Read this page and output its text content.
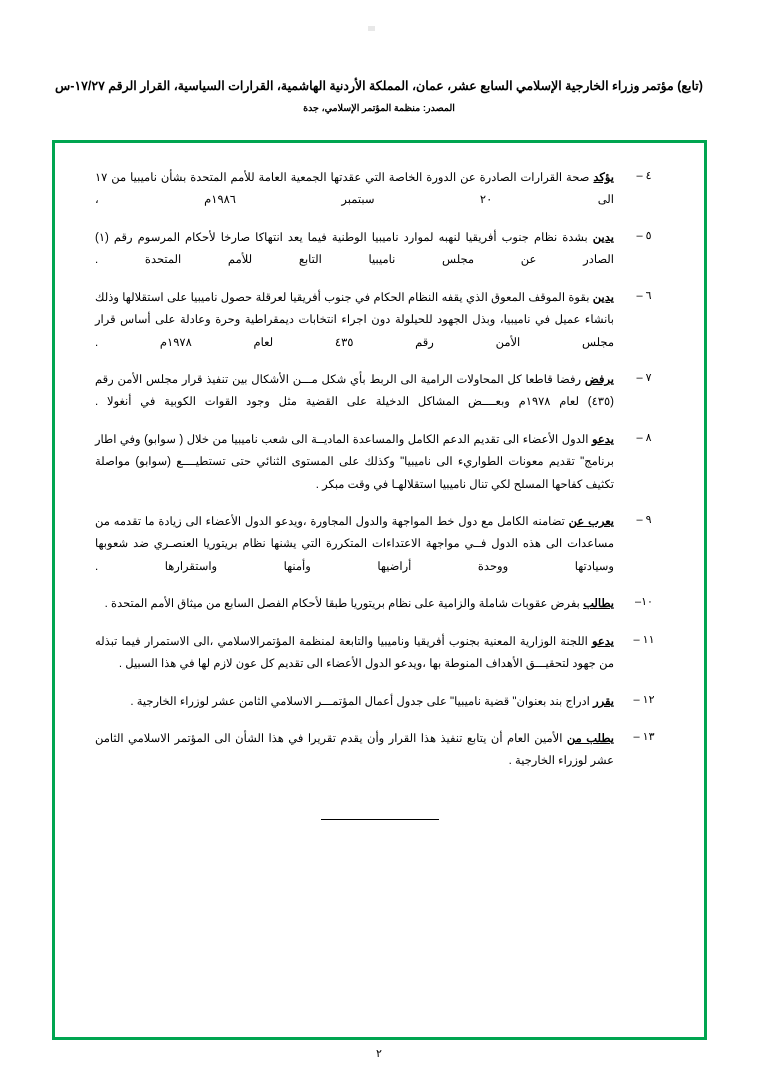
(تابع) مؤتمر وزراء الخارجية الإسلامي السابع عشر، عمان، المملكة الأردنية الهاشمية، القرارات السياسية، القرار الرقم ١٧/٢٧-س
المصدر: منظمة المؤتمر الإسلامي، جدة
٤ –
يؤكد صحة القرارات الصادرة عن الدورة الخاصة التي عقدتها الجمعية العامة للأمم المتحدة بشأن ناميبيا من ١٧ الى ٢٠ سبتمبر ١٩٨٦م ،
٥ –
يدين بشدة نظام جنوب أفريقيا لنهبه لموارد ناميبيا الوطنية فيما يعد انتهاكا صارخا لأحكام المرسوم رقم (١) الصادر عن مجلس ناميبيا التابع للأمم المتحدة .
٦ –
يدين بقوة الموقف المعوق الذي يقفه النظام الحكام في جنوب أفريقيا لعرقلة حصول ناميبيا على استقلالها وذلك بانشاء عميل في ناميبيا، وبذل الجهود للحيلولة دون اجراء انتخابات ديمقراطية وحرة وعادلة على أساس قرار مجلس الأمن رقم ٤٣٥ لعام ١٩٧٨م .
٧ –
يرفض رفضا قاطعا كل المحاولات الرامية الى الربط بأي شكل مـــن الأشكال بين تنفيذ قرار مجلس الأمن رقم (٤٣٥) لعام ١٩٧٨م وبعــــض المشاكل الدخيلة على القضية مثل وجود القوات الكوبية في أنغولا .
٨ –
يدعو الدول الأعضاء الى تقديم الدعم الكامل والمساعدة الماديــة الى شعب ناميبيا من خلال ( سوابو) وفي اطار برنامج" تقديم معونات الطواريء الى ناميبيا" وكذلك على المستوى الثنائي حتى تستطيــــع (سوابو) مواصلة تكثيف كفاحها المسلح لكي تنال ناميبيا استقلالهـا في وقت مبكر .
٩ –
يعرب عن تضامنه الكامل مع دول خط المواجهة والدول المجاورة ،ويدعو الدول الأعضاء الى زيادة ما تقدمه من مساعدات الى هذه الدول فــي مواجهة الاعتداءات المتكررة التي يشنها نظام بريتوريا العنصـري ضد شعوبها وسيادتها ووحدة أراضيها وأمنها واستقرارها .
١٠–
يطالب بفرض عقوبات شاملة والزامية على نظام بريتوريا طبقا لأحكام الفصل السابع من ميثاق الأمم المتحدة .
١١ –
يدعو اللجنة الوزارية المعنية بجنوب أفريقيا وناميبيا والتابعة لمنظمة المؤتمرالاسلامي ،الى الاستمرار فيما تبذله من جهود لتحقيـــق الأهداف المنوطة بها ،ويدعو الدول الأعضاء الى تقديم كل عون لازم لها في هذا السبيل .
١٢ –
يقرر ادراج بند بعنوان" قضية ناميبيا" على جدول أعمال المؤتمـــر الاسلامي الثامن عشر لوزراء الخارجية .
١٣ –
يطلب من الأمين العام أن يتابع تنفيذ هذا القرار وأن يقدم تقريرا في هذا الشأن الى المؤتمر الاسلامي الثامن عشر لوزراء الخارجية .
٢
